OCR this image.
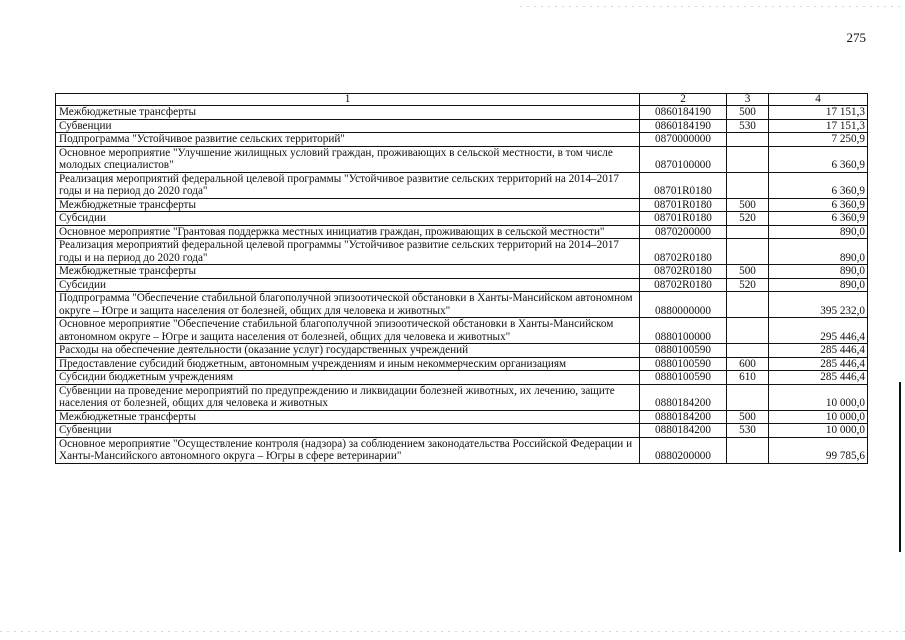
275
1	2	3	4
Межбюджетные трансферты	0860184190	500	17 151,3
Субвенции	0860184190	530	17 151,3
Подпрограмма "Устойчивое развитие сельских территорий"	0870000000		7 250,9
Основное мероприятие "Улучшение жилищных условий граждан, проживающих в сельской местности, в том числе молодых специалистов"	0870100000		6 360,9
Реализация мероприятий федеральной целевой программы "Устойчивое развитие сельских территорий на 2014–2017 годы и на период до 2020 года"	08701R0180		6 360,9
Межбюджетные трансферты	08701R0180	500	6 360,9
Субсидии	08701R0180	520	6 360,9
Основное мероприятие "Грантовая поддержка местных инициатив граждан, проживающих в сельской местности"	0870200000		890,0
Реализация мероприятий федеральной целевой программы "Устойчивое развитие сельских территорий на 2014–2017 годы и на период до 2020 года"	08702R0180		890,0
Межбюджетные трансферты	08702R0180	500	890,0
Субсидии	08702R0180	520	890,0
Подпрограмма "Обеспечение стабильной благополучной эпизоотической обстановки в Ханты-Мансийском автономном округе – Югре и защита населения от болезней, общих для человека и животных"	0880000000		395 232,0
Основное мероприятие "Обеспечение стабильной благополучной эпизоотической обстановки в Ханты-Мансийском автономном округе – Югре и защита населения от болезней, общих для человека и животных"	0880100000		295 446,4
Расходы на обеспечение деятельности (оказание услуг) государственных учреждений	0880100590		285 446,4
Предоставление субсидий бюджетным, автономным учреждениям и иным некоммерческим организациям	0880100590	600	285 446,4
Субсидии бюджетным учреждениям	0880100590	610	285 446,4
Субвенции на проведение мероприятий по предупреждению и ликвидации болезней животных, их лечению, защите населения от болезней, общих для человека и животных	0880184200		10 000,0
Межбюджетные трансферты	0880184200	500	10 000,0
Субвенции	0880184200	530	10 000,0
Основное мероприятие "Осуществление контроля (надзора) за соблюдением законодательства Российской Федерации и Ханты-Мансийского автономного округа – Югры в сфере ветеринарии"	0880200000		99 785,6
